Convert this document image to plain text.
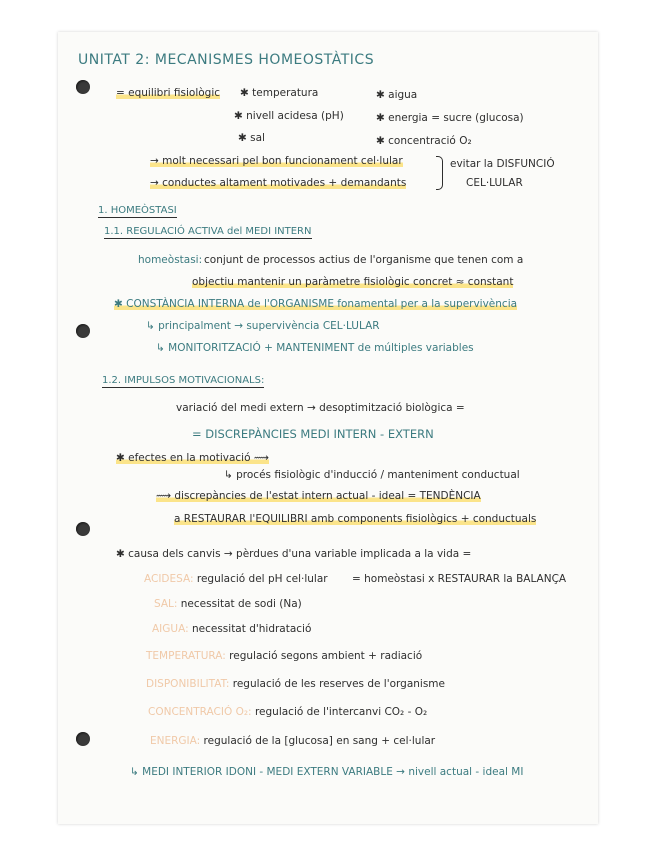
UNITAT 2: MECANISMES HOMEOSTÀTICS
= equilibri fisiològic ✱ temperatura
✱ nivell acidesa (pH)
✱ sal
✱ aigua
✱ energia = sucre (glucosa)
✱ concentració O₂
→ molt necessari pel bon funcionament cel·lular
→ conductes altament motivades + demandants
evitar la DISFUNCIÓ
CEL·LULAR
1. HOMEÒSTASI
1.1. REGULACIÓ ACTIVA del MEDI INTERN
homeòstasi: conjunt de processos actius de l'organisme que tenen com a
objectiu mantenir un paràmetre fisiològic concret ≈ constant
✱ CONSTÀNCIA INTERNA de l'ORGANISME fonamental per a la supervivència
↳ principalment → supervivència CEL·LULAR
↳ MONITORITZACIÓ + MANTENIMENT de múltiples variables
1.2. IMPULSOS MOTIVACIONALS:
variació del medi extern → desoptimització biològica =
= DISCREPÀNCIES MEDI INTERN - EXTERN
✱ efectes en la motivació ⟿
↳ procés fisiològic d'inducció / manteniment conductual
⟿ discrepàncies de l'estat intern actual - ideal = TENDÈNCIA
a RESTAURAR l'EQUILIBRI amb components fisiològics + conductuals
✱ causa dels canvis → pèrdues d'una variable implicada a la vida =
ACIDESA: regulació del pH cel·lular = homeòstasi x RESTAURAR la BALANÇA
SAL: necessitat de sodi (Na)
AIGUA: necessitat d'hidratació
TEMPERATURA: regulació segons ambient + radiació
DISPONIBILITAT: regulació de les reserves de l'organisme
CONCENTRACIÓ O₂: regulació de l'intercanvi CO₂ - O₂
ENERGIA: regulació de la [glucosa] en sang + cel·lular
↳ MEDI INTERIOR IDONI - MEDI EXTERN VARIABLE → nivell actual - ideal MI
